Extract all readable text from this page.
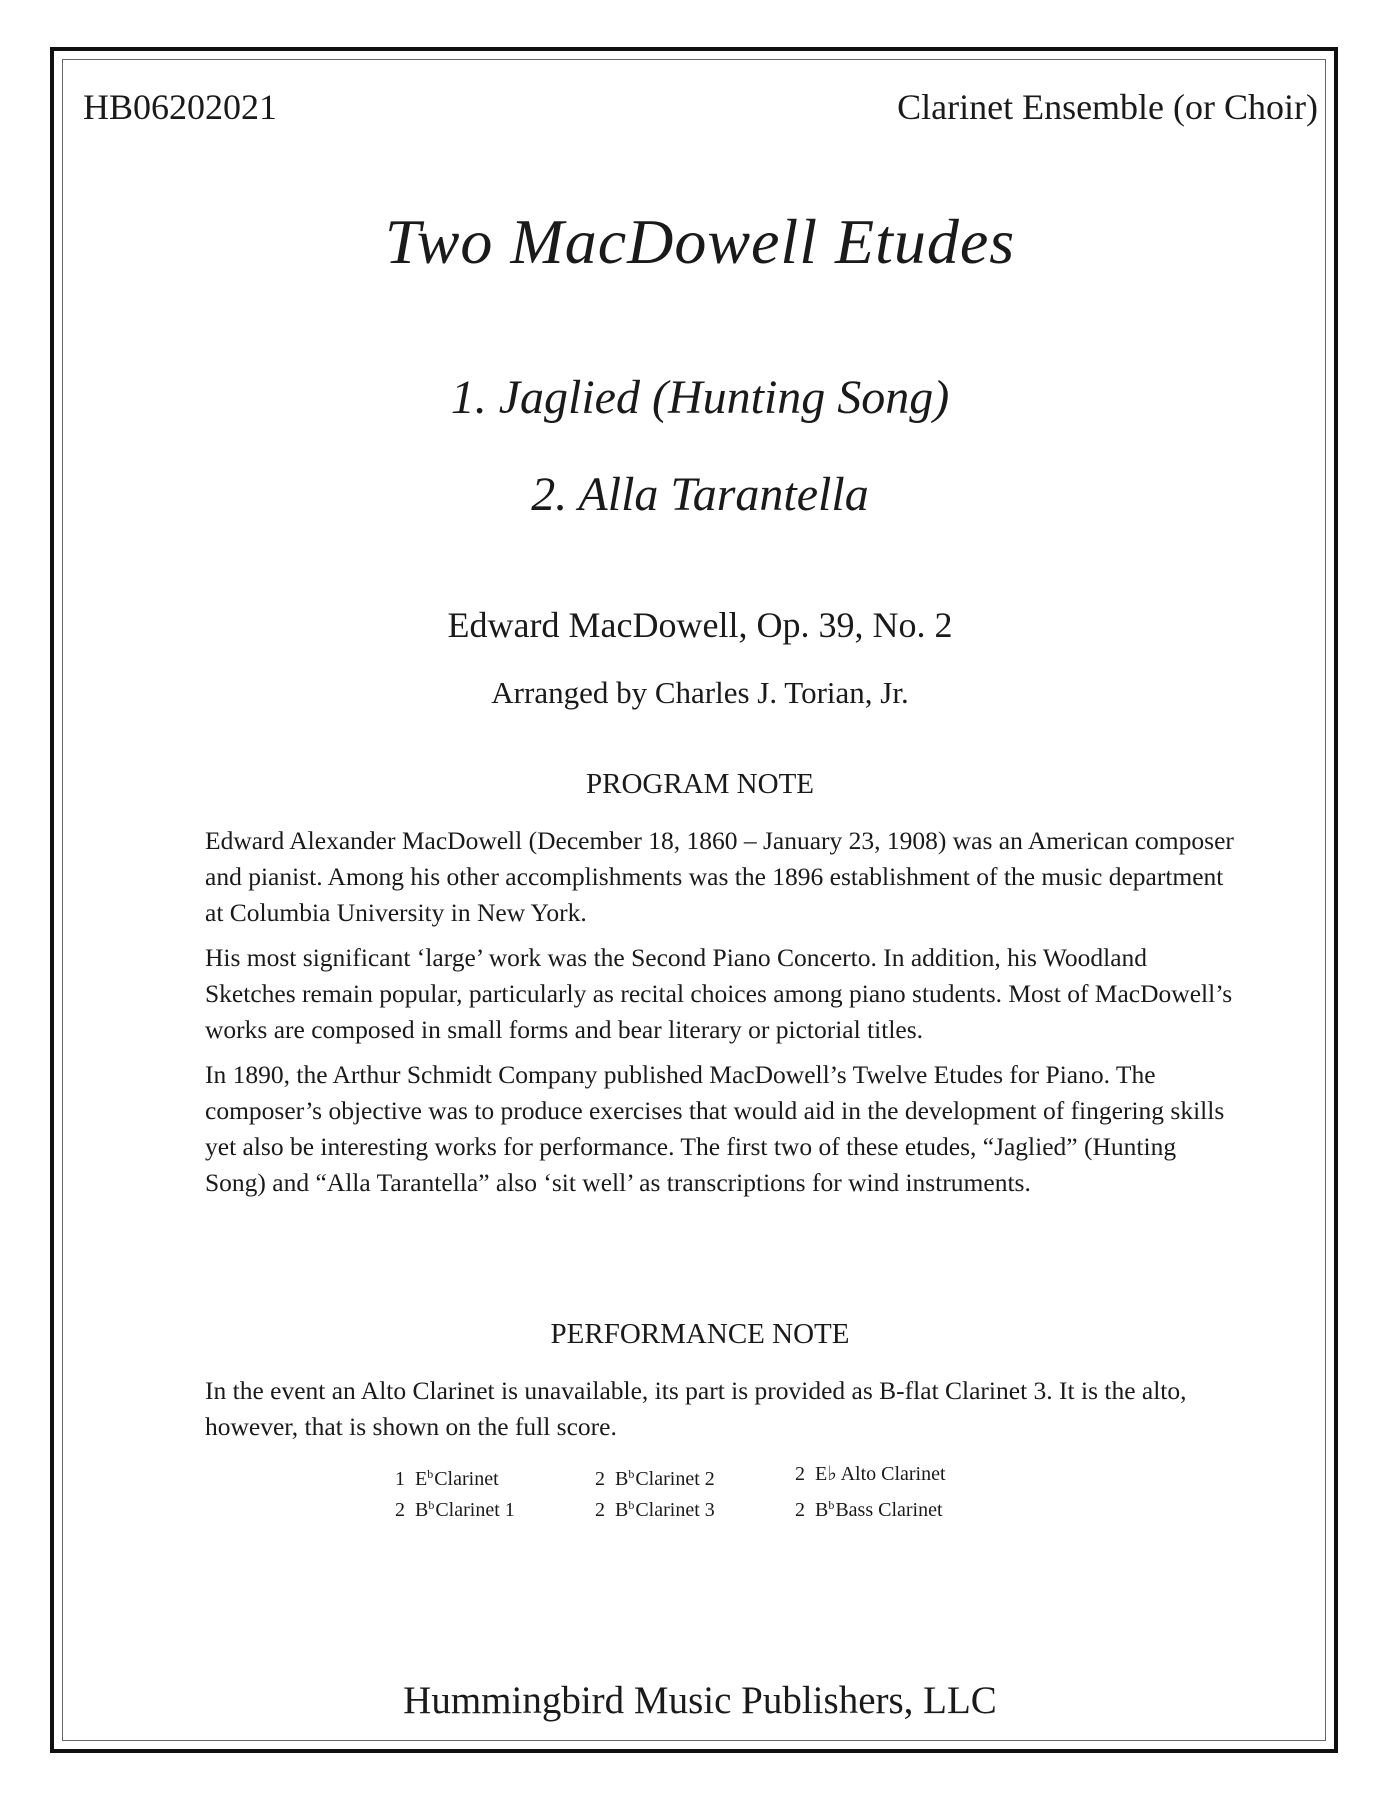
HB06202021	Clarinet Ensemble (or Choir)
Two MacDowell Etudes
1. Jaglied (Hunting Song)
2. Alla Tarantella
Edward MacDowell, Op. 39, No. 2
Arranged by Charles J. Torian, Jr.
PROGRAM NOTE

Edward Alexander MacDowell (December 18, 1860 – January 23, 1908) was an American composer and pianist. Among his other accomplishments was the 1896 establishment of the music department at Columbia University in New York.

His most significant ‘large’ work was the Second Piano Concerto. In addition, his Woodland Sketches remain popular, particularly as recital choices among piano students. Most of MacDowell’s works are composed in small forms and bear literary or pictorial titles.

In 1890, the Arthur Schmidt Company published MacDowell’s Twelve Etudes for Piano. The composer’s objective was to produce exercises that would aid in the development of fingering skills yet also be interesting works for performance. The first two of these etudes, “Jaglied” (Hunting Song) and “Alla Tarantella” also ‘sit well’ as transcriptions for wind instruments.

PERFORMANCE NOTE

In the event an Alto Clarinet is unavailable, its part is provided as B-flat Clarinet 3. It is the alto, however, that is shown on the full score.

1 $E^bClarinet$
2 $B^bClarinet$ 1
2 $B^bClarinet$ 2
2 $B^bClarinet$ 3
2 E♭ Alto Clarinet
2 $B^bBass$ Clarinet
Hummingbird Music Publishers, LLC
